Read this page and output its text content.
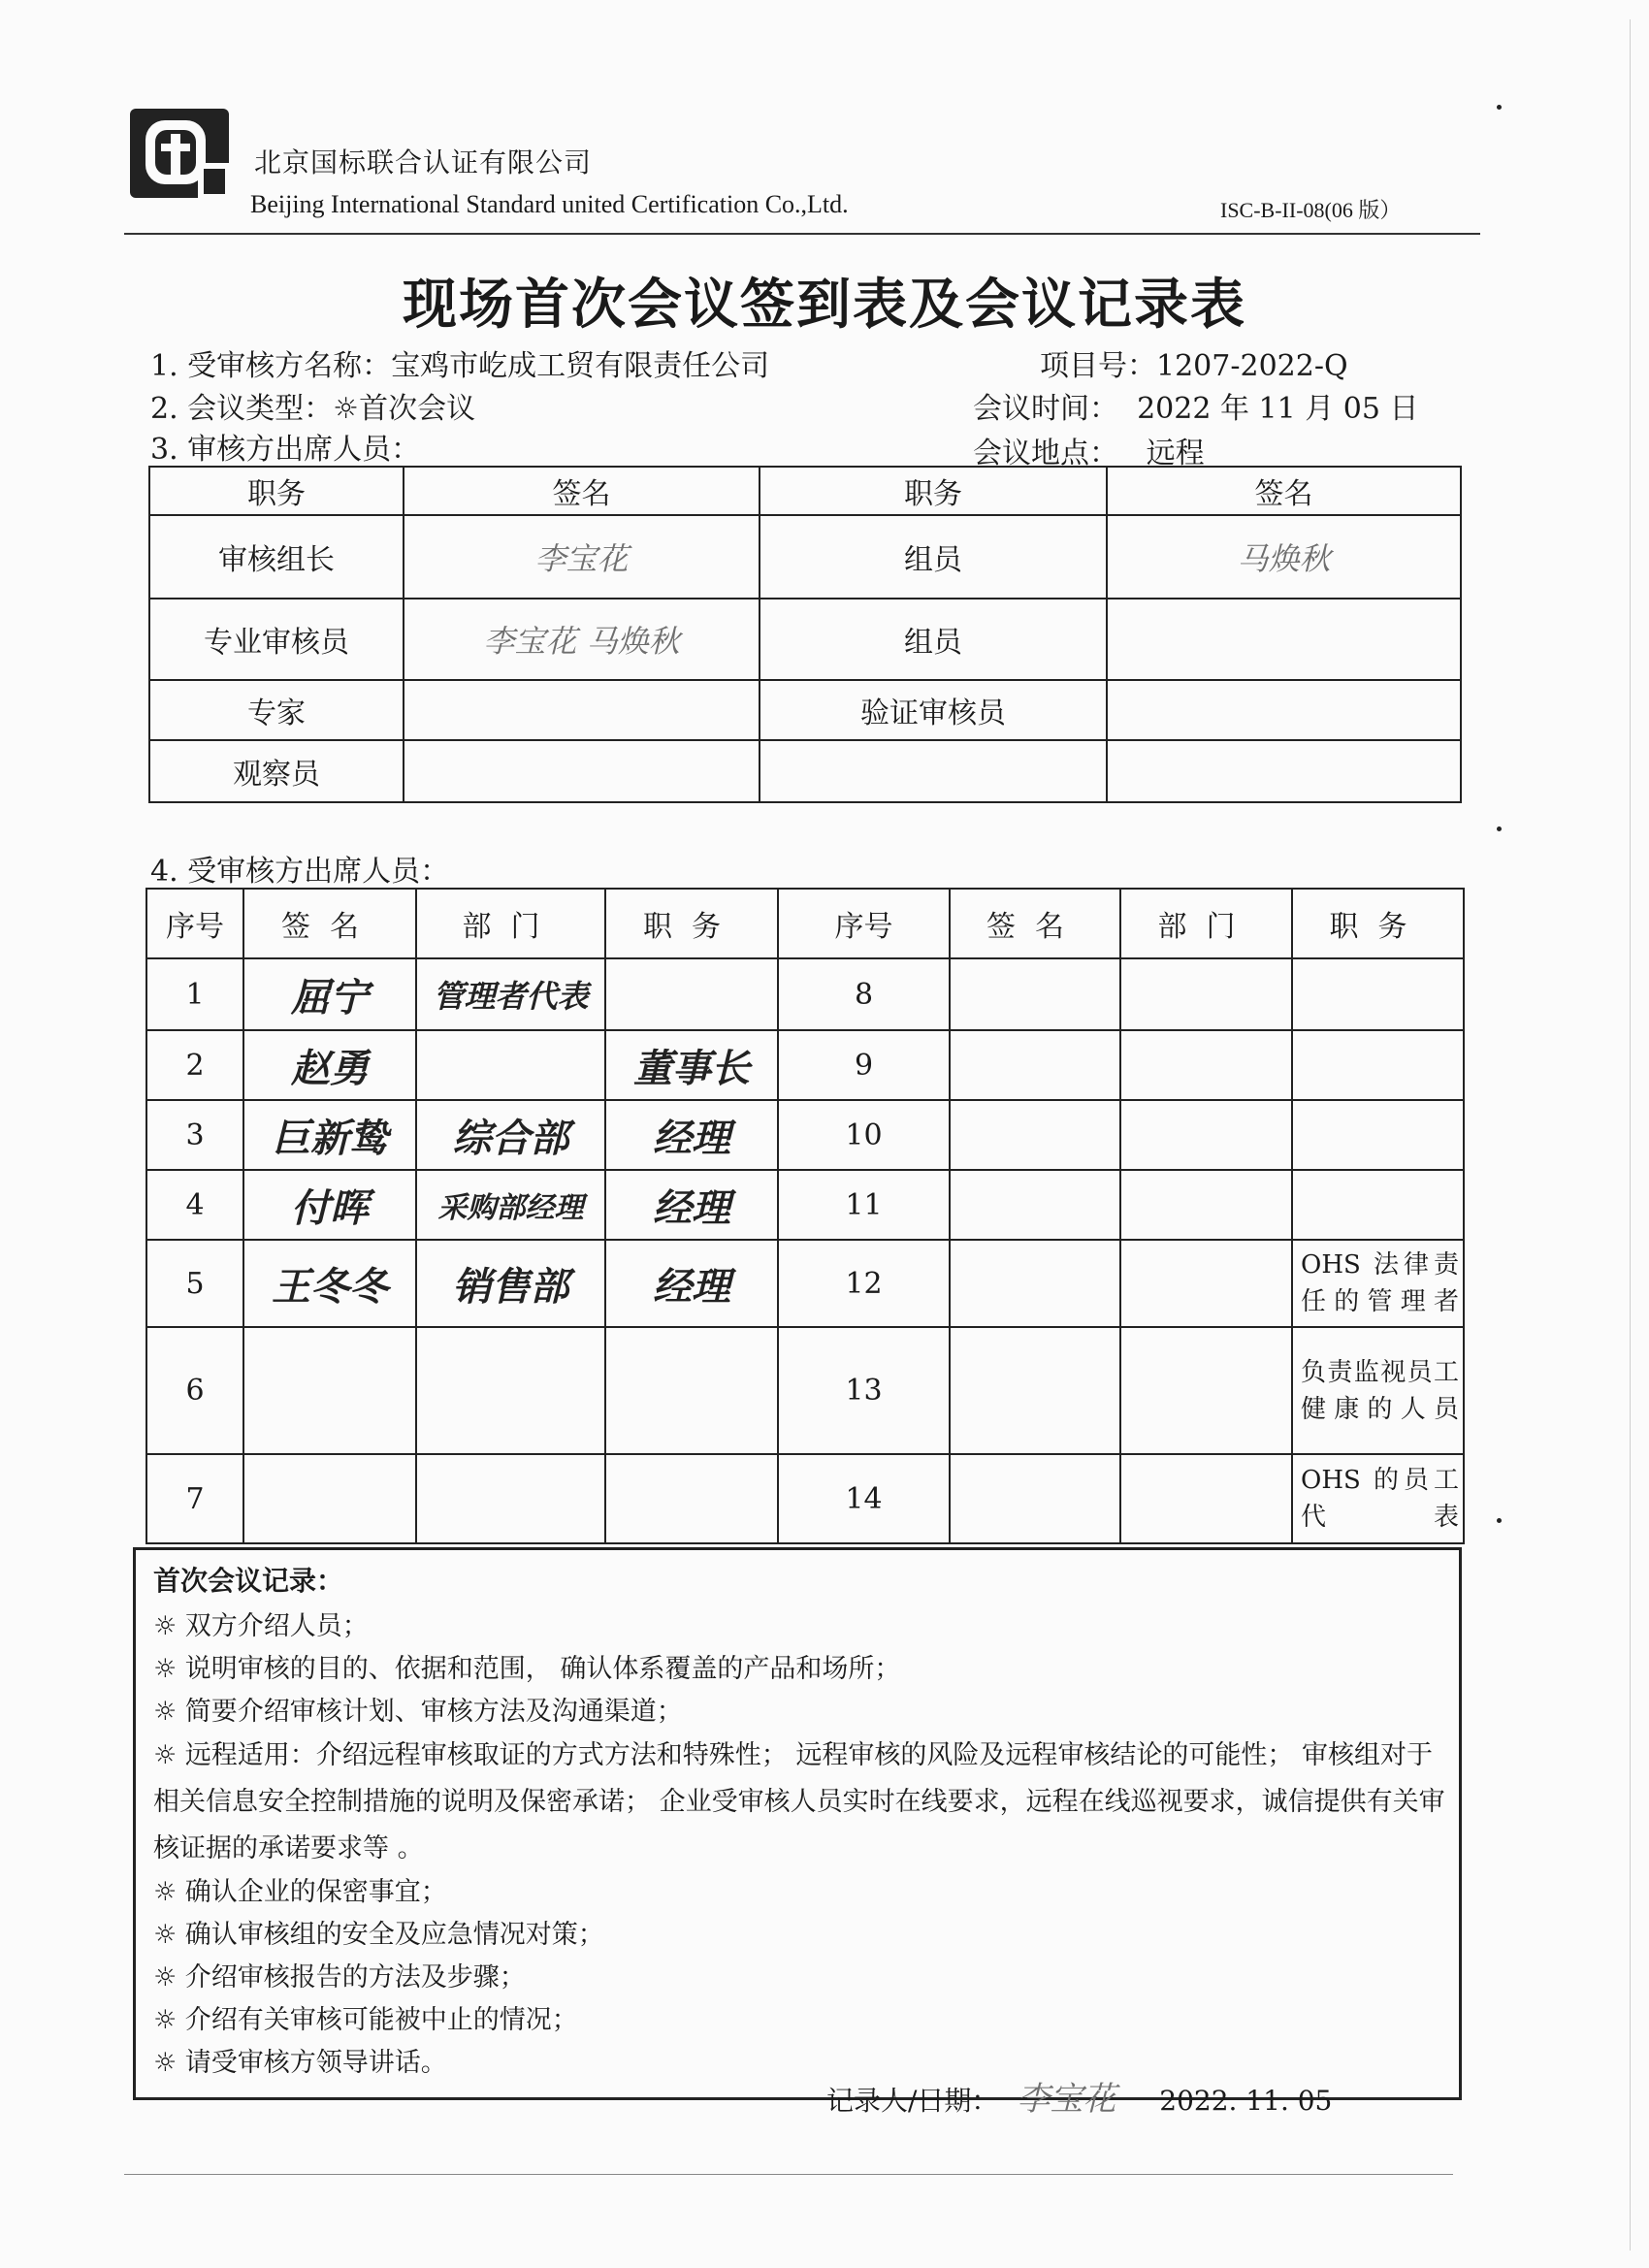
北京国标联合认证有限公司
Beijing International Standard united Certification Co.,Ltd.	ISC-B-II-08(06 版）
现场首次会议签到表及会议记录表
1. 受审核方名称：宝鸡市屹成工贸有限责任公司	项目号：1207-2022-Q
2. 会议类型：☼首次会议	会议时间： 2022 年 11 月 05 日
3. 审核方出席人员：	会议地点： 远程
职务	签名	职务	签名
审核组长	李宝花	组员	马焕秋
专业审核员	李宝花 马焕秋	组员	
专家		验证审核员	
观察员			
4. 受审核方出席人员：
序号	签名	部门	职务	序号	签名	部门	职务
1	屈宁	管理者代表		8			
2	赵勇		董事长	9			
3	巨新鸷	综合部	经理	10			
4	付晖	采购部经理	经理	11			
5	王冬冬	销售部	经理	12			OHS 法律责任的管理者
6				13			负责监视员工健康的人员
7				14			OHS 的员工代表
首次会议记录：
☼ 双方介绍人员；
☼ 说明审核的目的、依据和范围， 确认体系覆盖的产品和场所；
☼ 简要介绍审核计划、审核方法及沟通渠道；
☼ 远程适用：介绍远程审核取证的方式方法和特殊性； 远程审核的风险及远程审核结论的可能性； 审核组对于相关信息安全控制措施的说明及保密承诺； 企业受审核人员实时在线要求，远程在线巡视要求，诚信提供有关审核证据的承诺要求等 。
☼ 确认企业的保密事宜；
☼ 确认审核组的安全及应急情况对策；
☼ 介绍审核报告的方法及步骤；
☼ 介绍有关审核可能被中止的情况；
☼ 请受审核方领导讲话。
记录人/日期： 李宝花 2022. 11. 05
